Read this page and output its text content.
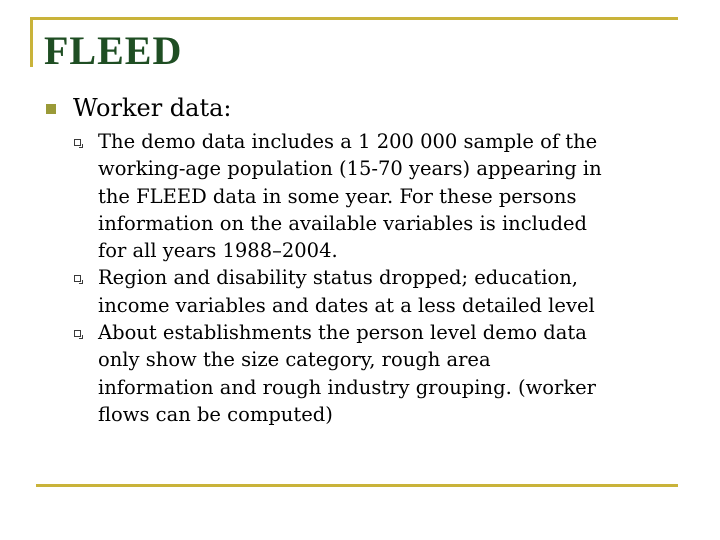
FLEED
Worker data:
The demo data includes a 1 200 000 sample of the
working-age population (15-70 years) appearing in
the FLEED data in some year. For these persons
information on the available variables is included
for all years 1988–2004.
Region and disability status dropped; education,
income variables and dates at a less detailed level
About establishments the person level demo data
only show the size category, rough area
information and rough industry grouping. (worker
flows can be computed)
